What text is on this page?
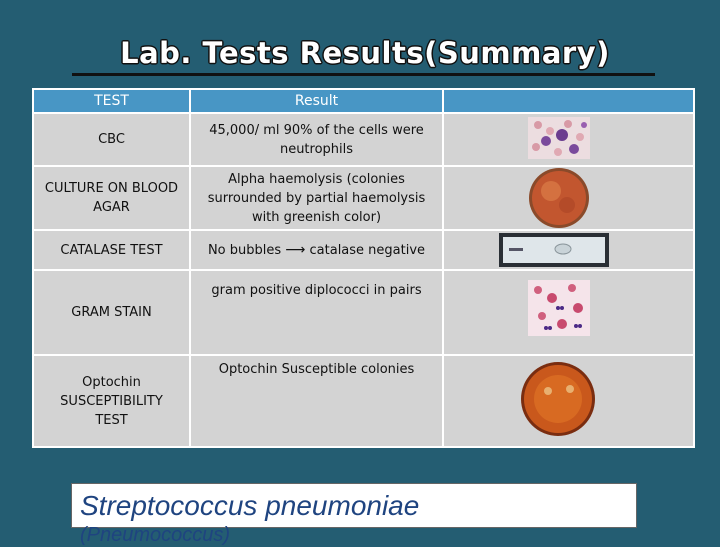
Lab. Tests Results(Summary)
TEST	Result	
CBC	45,000/ ml 90% of the cells were neutrophils	

CULTURE ON BLOOD AGAR	Alpha haemolysis (colonies surrounded by partial haemolysis with greenish color)	

CATALASE TEST	No bubbles ⟶ catalase negative	

GRAM STAIN	gram positive diplococci in pairs	

Optochin SUSCEPTIBILITY TEST	Optochin Susceptible colonies	
Streptococcus pneumoniae
(Pneumococcus)
